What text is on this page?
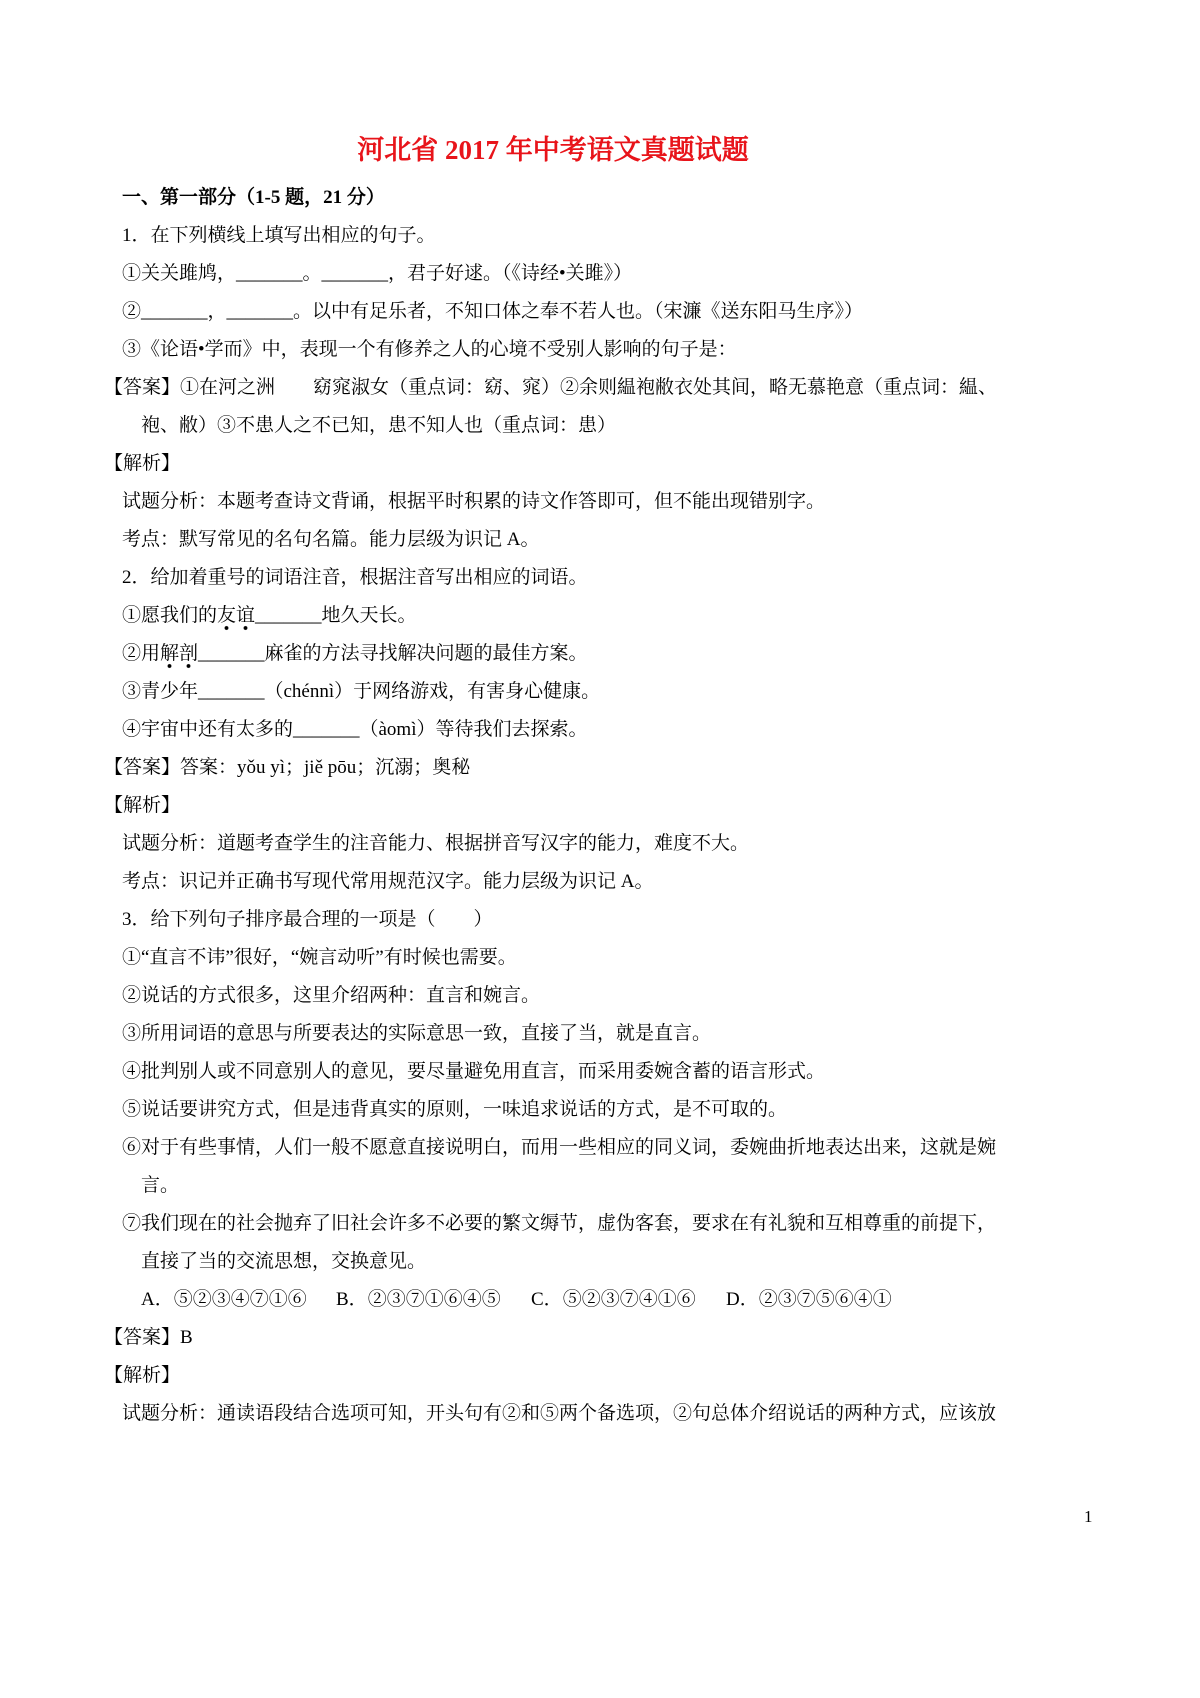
河北省 2017 年中考语文真题试题
一、第一部分（1-5 题，21 分）
1．在下列横线上填写出相应的句子。
①关关雎鸠，_______。_______，君子好逑。（《诗经•关雎》）
②_______，_______。以中有足乐者，不知口体之奉不若人也。（宋濂《送东阳马生序》）
③《论语•学而》中，表现一个有修养之人的心境不受别人影响的句子是：
【答案】①在河之洲　　窈窕淑女（重点词：窈、窕）②余则緼袍敝衣处其间，略无慕艳意（重点词：緼、
袍、敝）③不患人之不已知，患不知人也（重点词：患）
【解析】
试题分析：本题考查诗文背诵，根据平时积累的诗文作答即可，但不能出现错别字。
考点：默写常见的名句名篇。能力层级为识记 A。
2．给加着重号的词语注音，根据注音写出相应的词语。
①愿我们的友谊_______地久天长。
②用解剖_______麻雀的方法寻找解决问题的最佳方案。
③青少年_______（chénnì）于网络游戏，有害身心健康。
④宇宙中还有太多的_______（àomì）等待我们去探索。
【答案】答案：yǒu yì；jiě pōu；沉溺；奥秘
【解析】
试题分析：道题考查学生的注音能力、根据拼音写汉字的能力，难度不大。
考点：识记并正确书写现代常用规范汉字。能力层级为识记 A。
3．给下列句子排序最合理的一项是（　　）
①“直言不讳”很好，“婉言动听”有时候也需要。
②说话的方式很多，这里介绍两种：直言和婉言。
③所用词语的意思与所要表达的实际意思一致，直接了当，就是直言。
④批判别人或不同意别人的意见，要尽量避免用直言，而采用委婉含蓄的语言形式。
⑤说话要讲究方式，但是违背真实的原则，一味追求说话的方式，是不可取的。
⑥对于有些事情，人们一般不愿意直接说明白，而用一些相应的同义词，委婉曲折地表达出来，这就是婉
言。
⑦我们现在的社会抛弃了旧社会许多不必要的繁文缛节，虚伪客套，要求在有礼貌和互相尊重的前提下，
直接了当的交流思想，交换意见。
A．⑤②③④⑦①⑥ B．②③⑦①⑥④⑤ C．⑤②③⑦④①⑥ D．②③⑦⑤⑥④①
【答案】B
【解析】
试题分析：通读语段结合选项可知，开头句有②和⑤两个备选项，②句总体介绍说话的两种方式，应该放
1
